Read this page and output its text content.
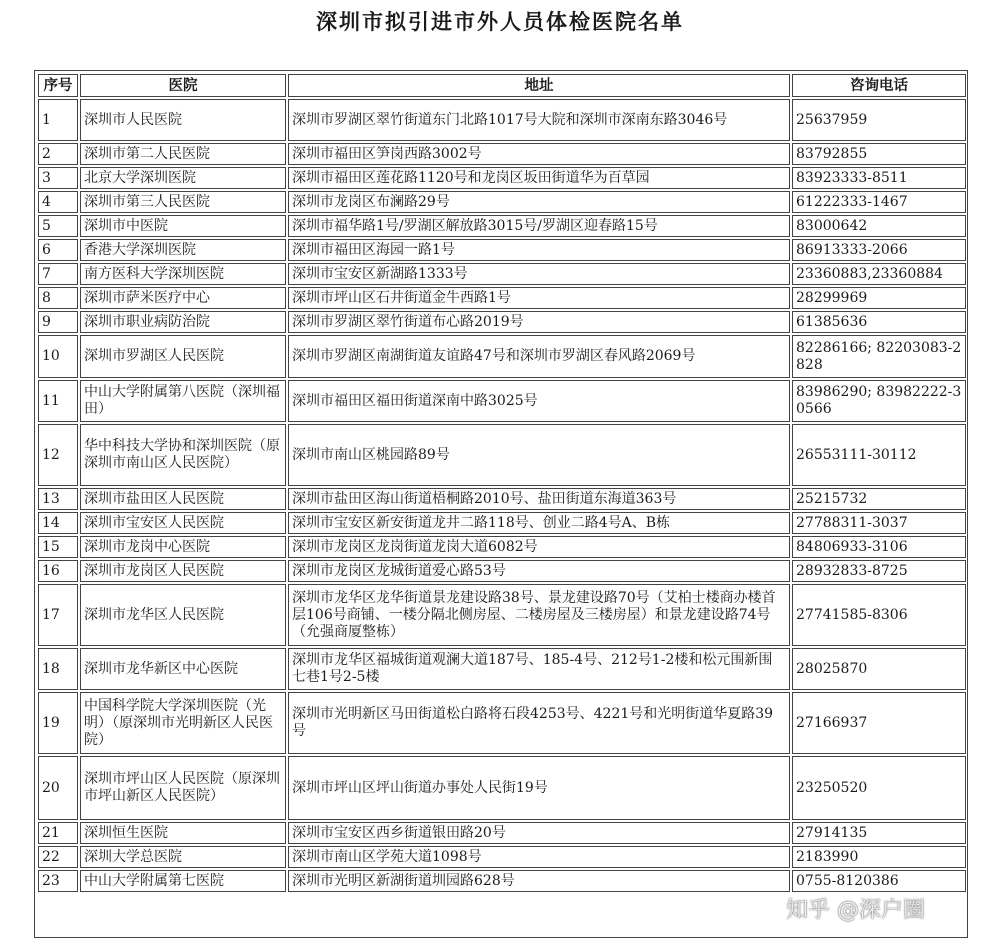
深圳市拟引进市外人员体检医院名单
序号	医院	地址	咨询电话
1	深圳市人民医院	深圳市罗湖区翠竹街道东门北路1017号大院和深圳市深南东路3046号	25637959
2	深圳市第二人民医院	深圳市福田区笋岗西路3002号	83792855
3	北京大学深圳医院	深圳市福田区莲花路1120号和龙岗区坂田街道华为百草园	83923333-8511
4	深圳市第三人民医院	深圳市龙岗区布澜路29号	61222333-1467
5	深圳市中医院	深圳市福华路1号/罗湖区解放路3015号/罗湖区迎春路15号	83000642
6	香港大学深圳医院	深圳市福田区海园一路1号	86913333-2066
7	南方医科大学深圳医院	深圳市宝安区新湖路1333号	23360883,23360884
8	深圳市萨米医疗中心	深圳市坪山区石井街道金牛西路1号	28299969
9	深圳市职业病防治院	深圳市罗湖区翠竹街道布心路2019号	61385636
10	深圳市罗湖区人民医院	深圳市罗湖区南湖街道友谊路47号和深圳市罗湖区春风路2069号	82286166; 82203083-2828
11	中山大学附属第八医院（深圳福田）	深圳市福田区福田街道深南中路3025号	83986290; 83982222-30566
12	华中科技大学协和深圳医院（原深圳市南山区人民医院）	深圳市南山区桃园路89号	26553111-30112
13	深圳市盐田区人民医院	深圳市盐田区海山街道梧桐路2010号、盐田街道东海道363号	25215732
14	深圳市宝安区人民医院	深圳市宝安区新安街道龙井二路118号、创业二路4号A、B栋	27788311-3037
15	深圳市龙岗中心医院	深圳市龙岗区龙岗街道龙岗大道6082号	84806933-3106
16	深圳市龙岗区人民医院	深圳市龙岗区龙城街道爱心路53号	28932833-8725
17	深圳市龙华区人民医院	深圳市龙华区龙华街道景龙建设路38号、景龙建设路70号（艾柏士楼商办楼首层106号商铺、一楼分隔北侧房屋、二楼房屋及三楼房屋）和景龙建设路74号（允强商厦整栋）	27741585-8306
18	深圳市龙华新区中心医院	深圳市龙华区福城街道观澜大道187号、185-4号、212号1-2楼和松元围新围七巷1号2-5楼	28025870
19	中国科学院大学深圳医院（光明）（原深圳市光明新区人民医院）	深圳市光明新区马田街道松白路将石段4253号、4221号和光明街道华夏路39号	27166937
20	深圳市坪山区人民医院（原深圳市坪山新区人民医院）	深圳市坪山区坪山街道办事处人民街19号	23250520
21	深圳恒生医院	深圳市宝安区西乡街道银田路20号	27914135
22	深圳大学总医院	深圳市南山区学苑大道1098号	2183990
23	中山大学附属第七医院	深圳市光明区新湖街道圳园路628号	0755-8120386
知乎 @深户圈
